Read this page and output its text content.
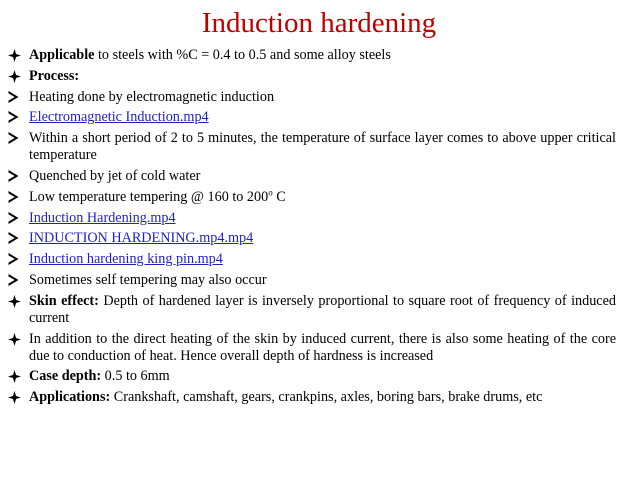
Induction hardening
Applicable to steels with %C = 0.4 to 0.5 and some alloy steels
Process:
Heating done by electromagnetic induction
Electromagnetic Induction.mp4
Within a short period of 2 to 5 minutes, the temperature of surface layer comes to above upper critical temperature
Quenched by jet of cold water
Low temperature tempering @ 160 to 200$^o$ C
Induction Hardening.mp4
INDUCTION HARDENING.mp4.mp4
Induction hardening king pin.mp4
Sometimes self tempering may also occur
Skin effect: Depth of hardened layer is inversely proportional to square root of frequency of induced current
In addition to the direct heating of the skin by induced current, there is also some heating of the core due to conduction of heat. Hence overall depth of hardness is increased
Case depth: 0.5 to 6mm
Applications: Crankshaft, camshaft, gears, crankpins, axles, boring bars, brake drums, etc
